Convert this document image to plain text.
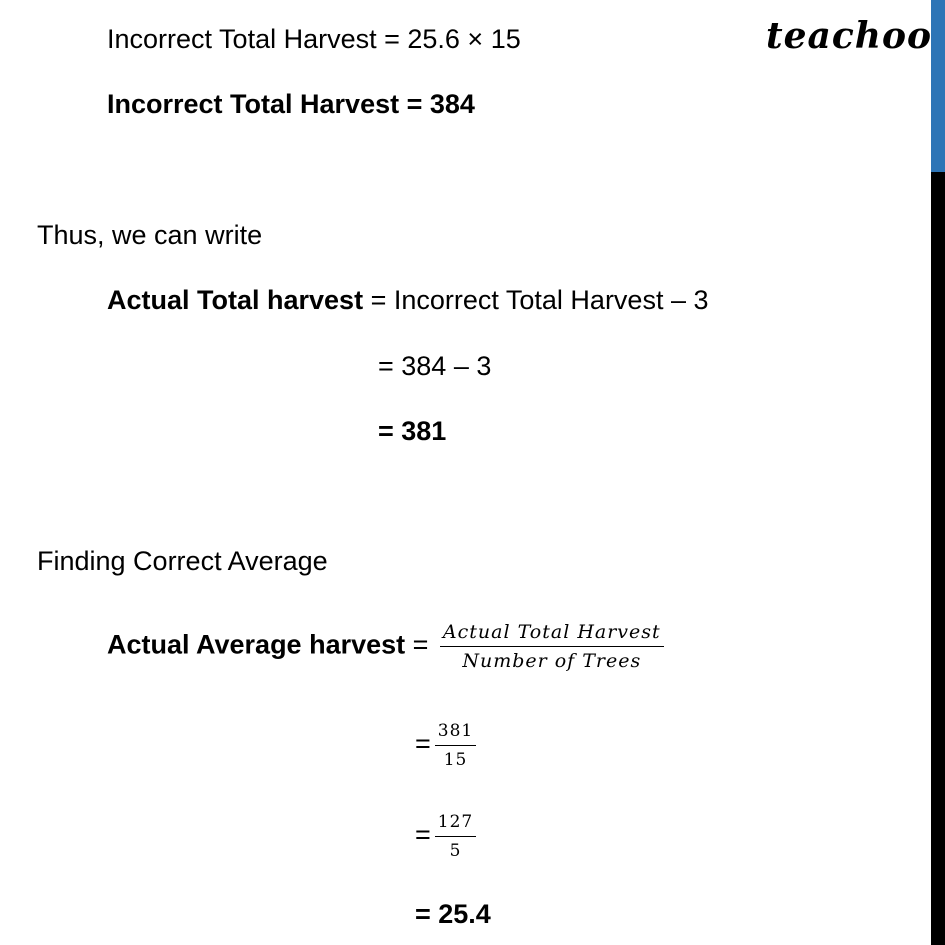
teachoo
Incorrect Total Harvest = 25.6 × 15
Incorrect Total Harvest = 384
Thus, we can write
Actual Total harvest = Incorrect Total Harvest – 3
= 384 – 3
= 381
Finding Correct Average
Actual Average harvest = $\frac{\text{Actual Total Harvest}}{\text{Number of Trees}}$
= $\frac{381}{15}$
= $\frac{127}{5}$
= 25.4
